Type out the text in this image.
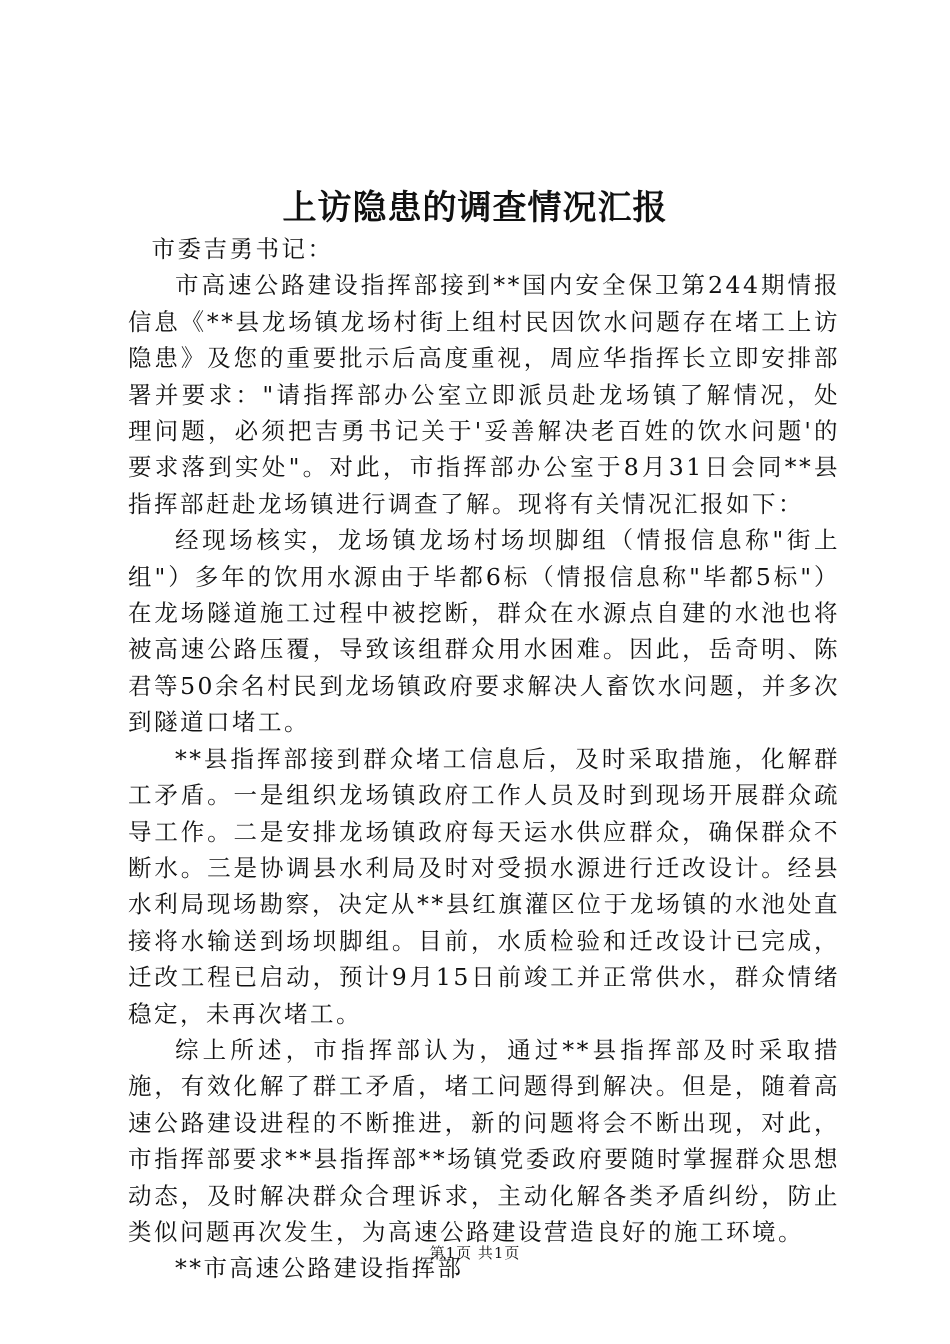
上访隐患的调查情况汇报

市委吉勇书记：

市高速公路建设指挥部接到**国内安全保卫第244期情报信息《**县龙场镇龙场村街上组村民因饮水问题存在堵工上访隐患》及您的重要批示后高度重视，周应华指挥长立即安排部署并要求："请指挥部办公室立即派员赴龙场镇了解情况，处理问题，必须把吉勇书记关于'妥善解决老百姓的饮水问题'的要求落到实处"。对此，市指挥部办公室于8月31日会同**县指挥部赶赴龙场镇进行调查了解。现将有关情况汇报如下：

经现场核实，龙场镇龙场村场坝脚组（情报信息称"街上组"）多年的饮用水源由于毕都6标（情报信息称"毕都5标"）在龙场隧道施工过程中被挖断，群众在水源点自建的水池也将被高速公路压覆，导致该组群众用水困难。因此，岳奇明、陈君等50余名村民到龙场镇政府要求解决人畜饮水问题，并多次到隧道口堵工。

**县指挥部接到群众堵工信息后，及时采取措施，化解群工矛盾。一是组织龙场镇政府工作人员及时到现场开展群众疏导工作。二是安排龙场镇政府每天运水供应群众，确保群众不断水。三是协调县水利局及时对受损水源进行迁改设计。经县水利局现场勘察，决定从**县红旗灌区位于龙场镇的水池处直接将水输送到场坝脚组。目前，水质检验和迁改设计已完成，迁改工程已启动，预计9月15日前竣工并正常供水，群众情绪稳定，未再次堵工。

综上所述，市指挥部认为，通过**县指挥部及时采取措施，有效化解了群工矛盾，堵工问题得到解决。但是，随着高速公路建设进程的不断推进，新的问题将会不断出现，对此，市指挥部要求**县指挥部**场镇党委政府要随时掌握群众思想动态，及时解决群众合理诉求，主动化解各类矛盾纠纷，防止类似问题再次发生，为高速公路建设营造良好的施工环境。

**市高速公路建设指挥部

第1页 共1页
